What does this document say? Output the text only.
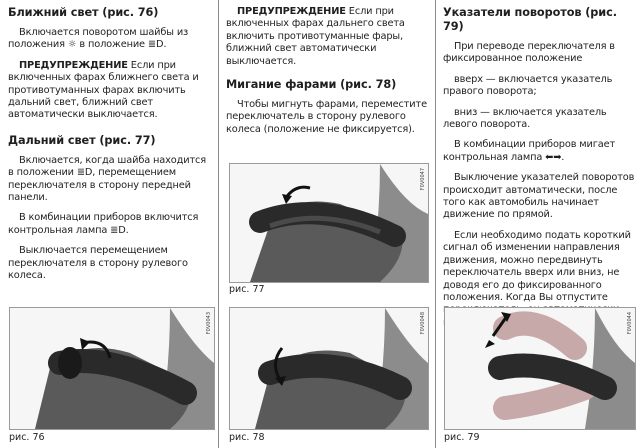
Ближний свет (рис. 76)
Включается поворотом шайбы из положения ☼ в положение ≣D.
ПРЕДУПРЕЖДЕНИЕ Если при включенных фарах ближнего света и противотуманных фарах включить дальний свет, ближний свет автоматически выключается.
Дальний свет (рис. 77)
Включается, когда шайба находится в положении ≣D, перемещением переключателя в сторону передней панели.
В комбинации приборов включится контрольная лампа ≣D.
Выключается перемещением переключателя в сторону рулевого колеса.
ПРЕДУПРЕЖДЕНИЕ Если при включенных фарах дальнего света включить противотуманные фары, ближний свет автоматически выключается.
Мигание фарами (рис. 78)
Чтобы мигнуть фарами, переместите переключатель в сторону рулевого колеса (положение не фиксируется).
Указатели поворотов (рис. 79)
При переводе переключателя в фиксированное положение
вверх — включается указатель правого поворота;
вниз — включается указатель левого поворота.
В комбинации приборов мигает контрольная лампа ⬅➡.
Выключение указателей поворотов происходит автоматически, после того как автомобиль начинает движение по прямой.
Если необходимо подать короткий сигнал об изменении направления движения, можно передвинуть переключатель вверх или вниз, не доводя его до фиксированного положения. Когда Вы отпустите
F0V0047
рис. 77
F0V0043
рис. 76
F0V0048
рис. 78
F0V0044
рис. 79
